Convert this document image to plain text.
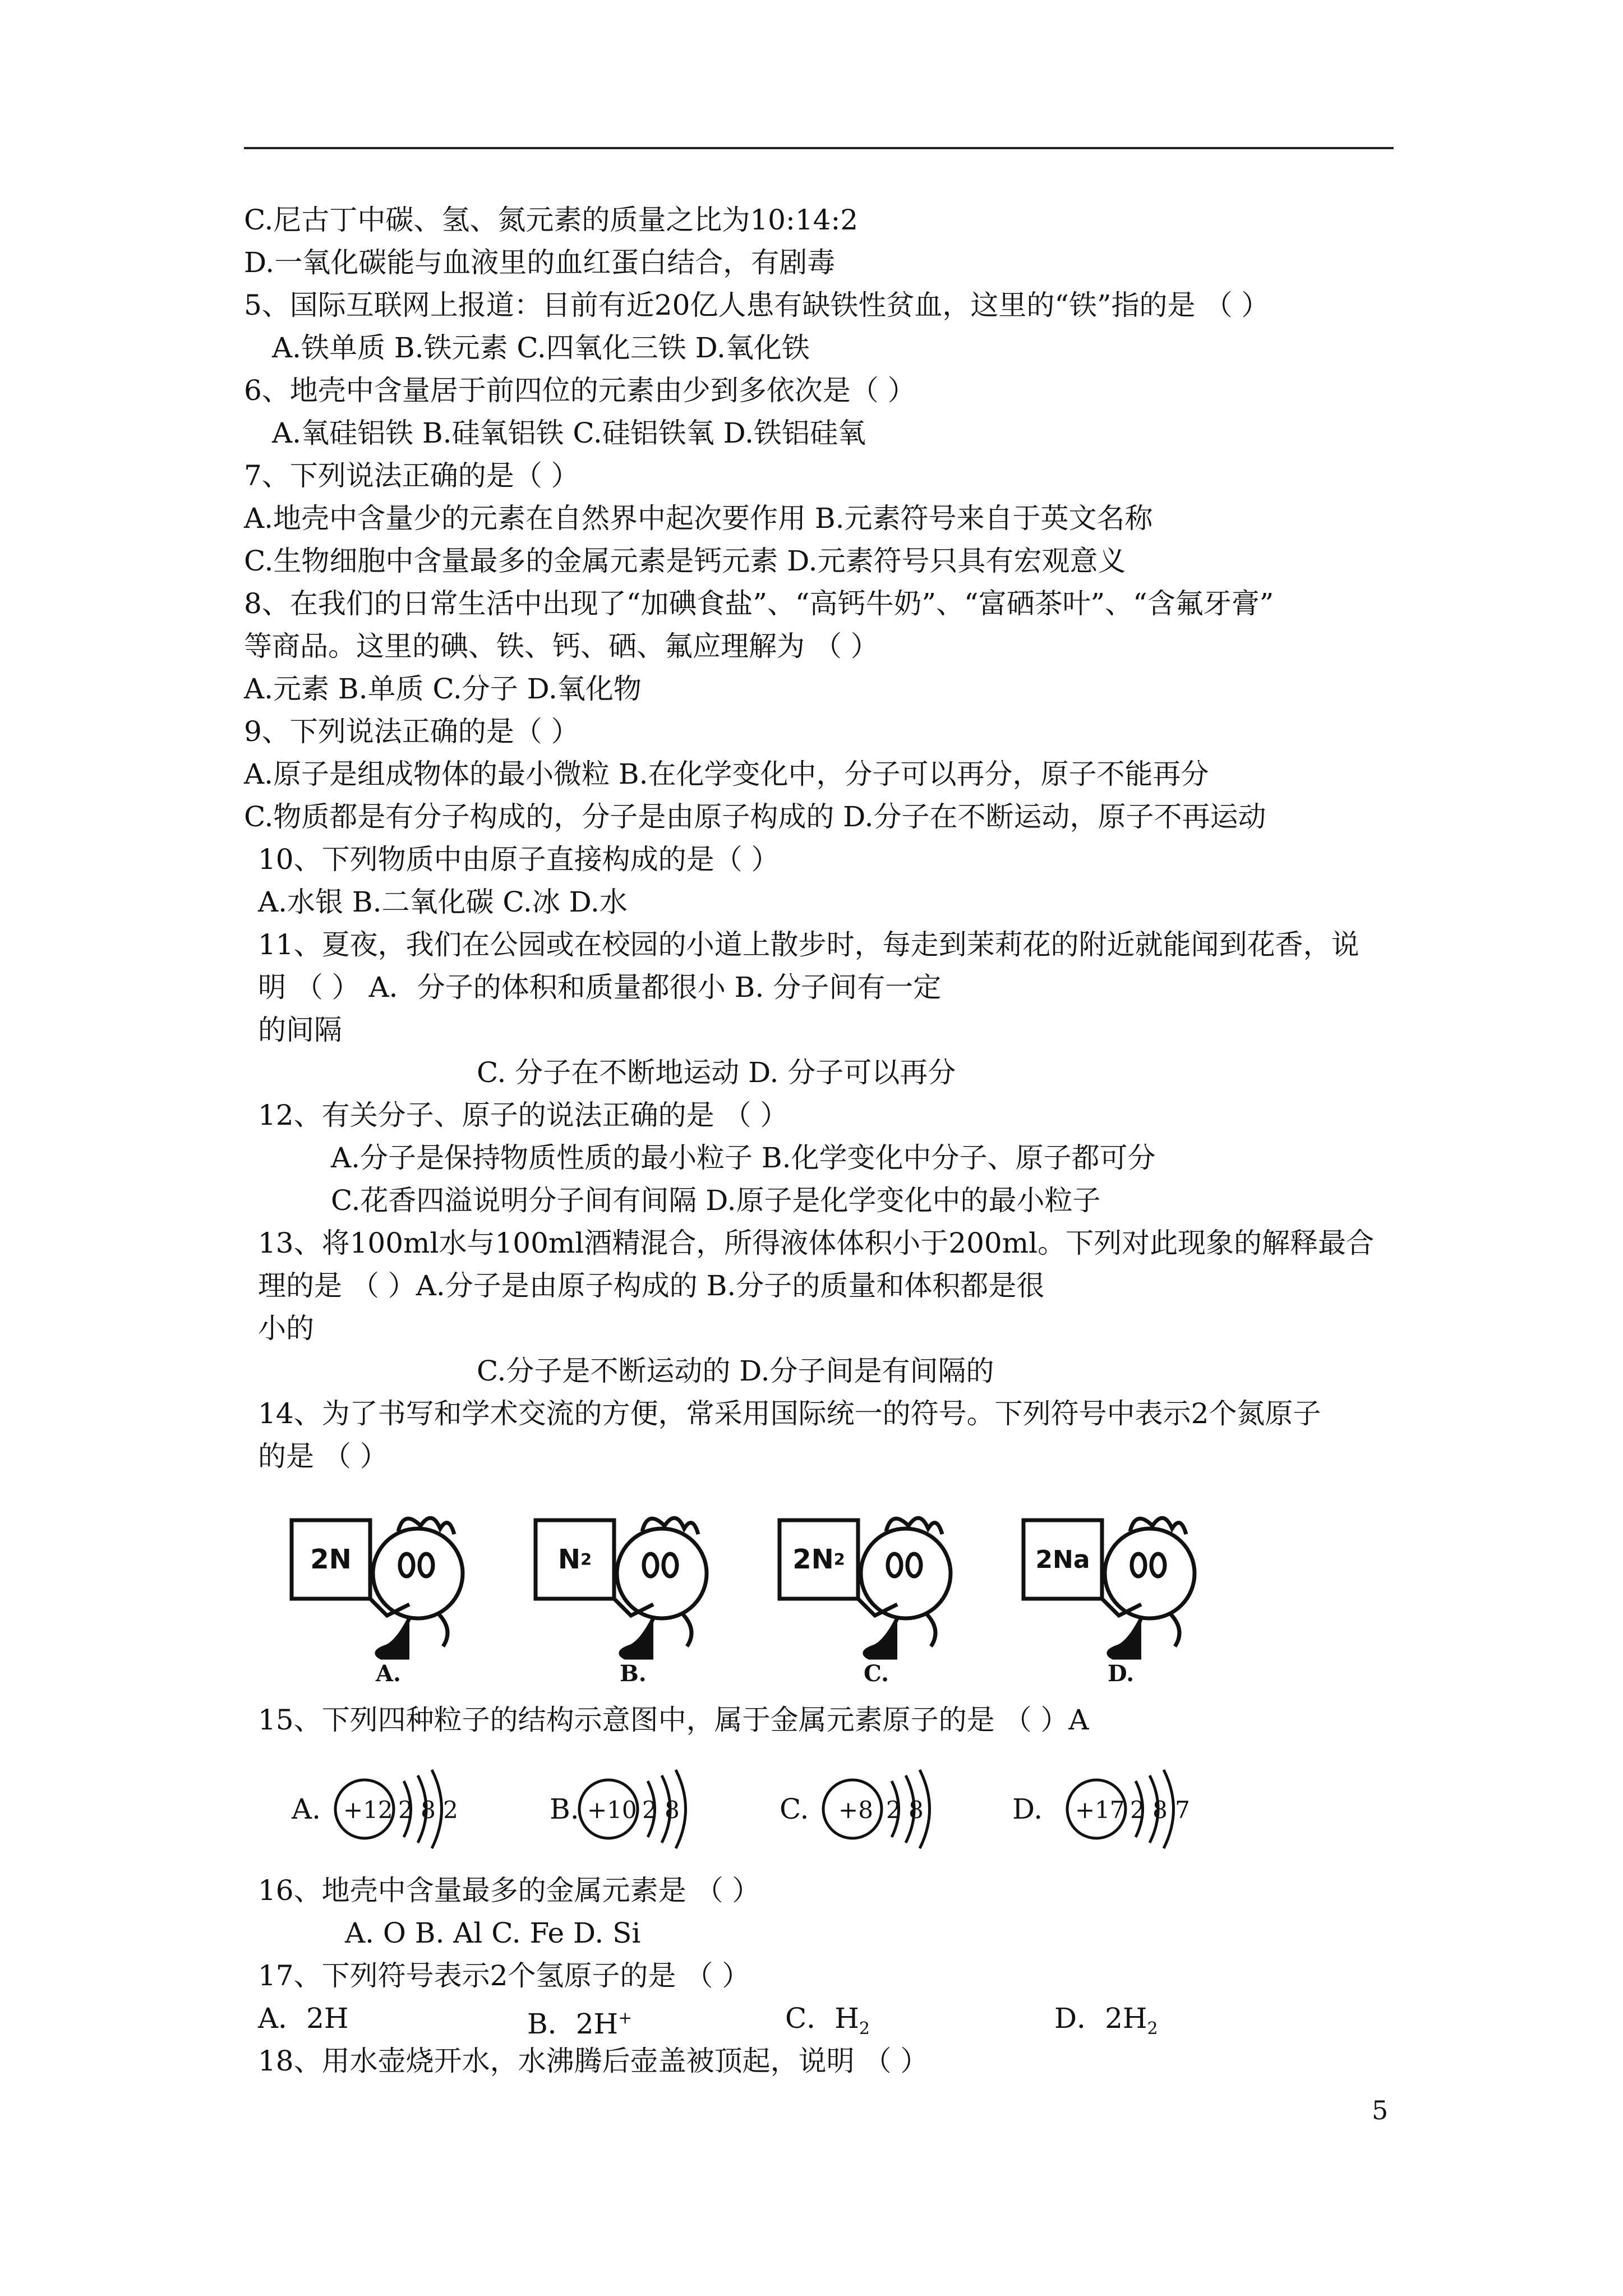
C.尼古丁中碳、氢、氮元素的质量之比为10:14:2
D.一氧化碳能与血液里的血红蛋白结合，有剧毒
5、国际互联网上报道：目前有近20亿人患有缺铁性贫血，这里的“铁”指的是 （ ）
A.铁单质 B.铁元素 C.四氧化三铁 D.氧化铁
6、地壳中含量居于前四位的元素由少到多依次是（ ）
A.氧硅铝铁 B.硅氧铝铁 C.硅铝铁氧 D.铁铝硅氧
7、下列说法正确的是（ ）
A.地壳中含量少的元素在自然界中起次要作用 B.元素符号来自于英文名称
C.生物细胞中含量最多的金属元素是钙元素 D.元素符号只具有宏观意义
8、在我们的日常生活中出现了“加碘食盐”、“高钙牛奶”、“富硒茶叶”、“含氟牙膏”
等商品。这里的碘、铁、钙、硒、氟应理解为 （ ）
A.元素 B.单质 C.分子 D.氧化物
9、下列说法正确的是（ ）
A.原子是组成物体的最小微粒 B.在化学变化中，分子可以再分，原子不能再分
C.物质都是有分子构成的，分子是由原子构成的 D.分子在不断运动，原子不再运动
10、下列物质中由原子直接构成的是（ ）
A.水银 B.二氧化碳 C.冰 D.水
11、夏夜，我们在公园或在校园的小道上散步时，每走到茉莉花的附近就能闻到花香，说
明 （ ） A．分子的体积和质量都很小 B. 分子间有一定
的间隔
C. 分子在不断地运动 D. 分子可以再分
12、有关分子、原子的说法正确的是 （ ）
A.分子是保持物质性质的最小粒子 B.化学变化中分子、原子都可分
C.花香四溢说明分子间有间隔 D.原子是化学变化中的最小粒子
13、将100ml水与100ml酒精混合，所得液体体积小于200ml。下列对此现象的解释最合
理的是 （ ）A.分子是由原子构成的 B.分子的质量和体积都是很
小的
C.分子是不断运动的 D.分子间是有间隔的
14、为了书写和学术交流的方便，常采用国际统一的符号。下列符号中表示2个氮原子
的是 （ ）
2N	N 2	2N 2	2Na
A.	B.	C.	D.
15、下列四种粒子的结构示意图中，属于金属元素原子的是 （ ）A
A. +12 2 8 2	B. +10 2 8	C. +8 2 8	D. +17 2 8 7
16、地壳中含量最多的金属元素是 （ ）
A. O B. Al C. Fe D. Si
17、下列符号表示2个氢原子的是 （ ）
A．2H	B．2H+	C．$H_2$	D．$2H_2$
18、用水壶烧开水，水沸腾后壶盖被顶起，说明 （ ）
5
